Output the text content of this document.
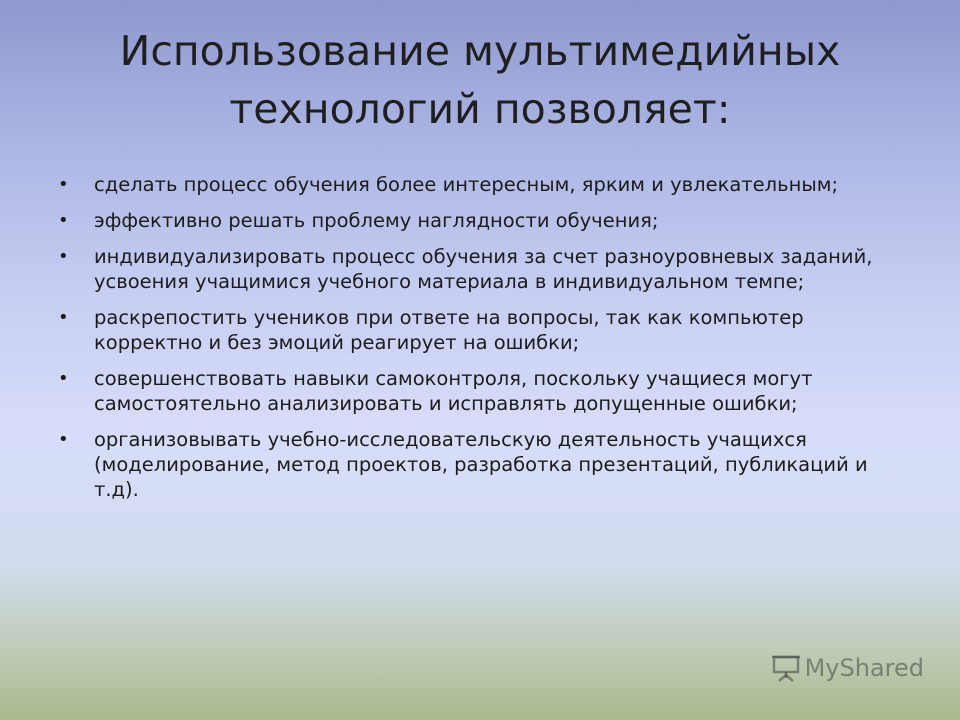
Использование мультимедийных технологий позволяет:
• сделать процесс обучения более интересным, ярким и увлекательным;
• эффективно решать проблему наглядности обучения;
• индивидуализировать процесс обучения за счет разноуровневых заданий, усвоения учащимися учебного материала в индивидуальном темпе;
• раскрепостить учеников при ответе на вопросы, так как компьютер корректно и без эмоций реагирует на ошибки;
• совершенствовать навыки самоконтроля, поскольку учащиеся могут самостоятельно анализировать и исправлять допущенные ошибки;
• организовывать учебно-исследовательскую деятельность учащихся (моделирование, метод проектов, разработка презентаций, публикаций и т.д).
MyShared
